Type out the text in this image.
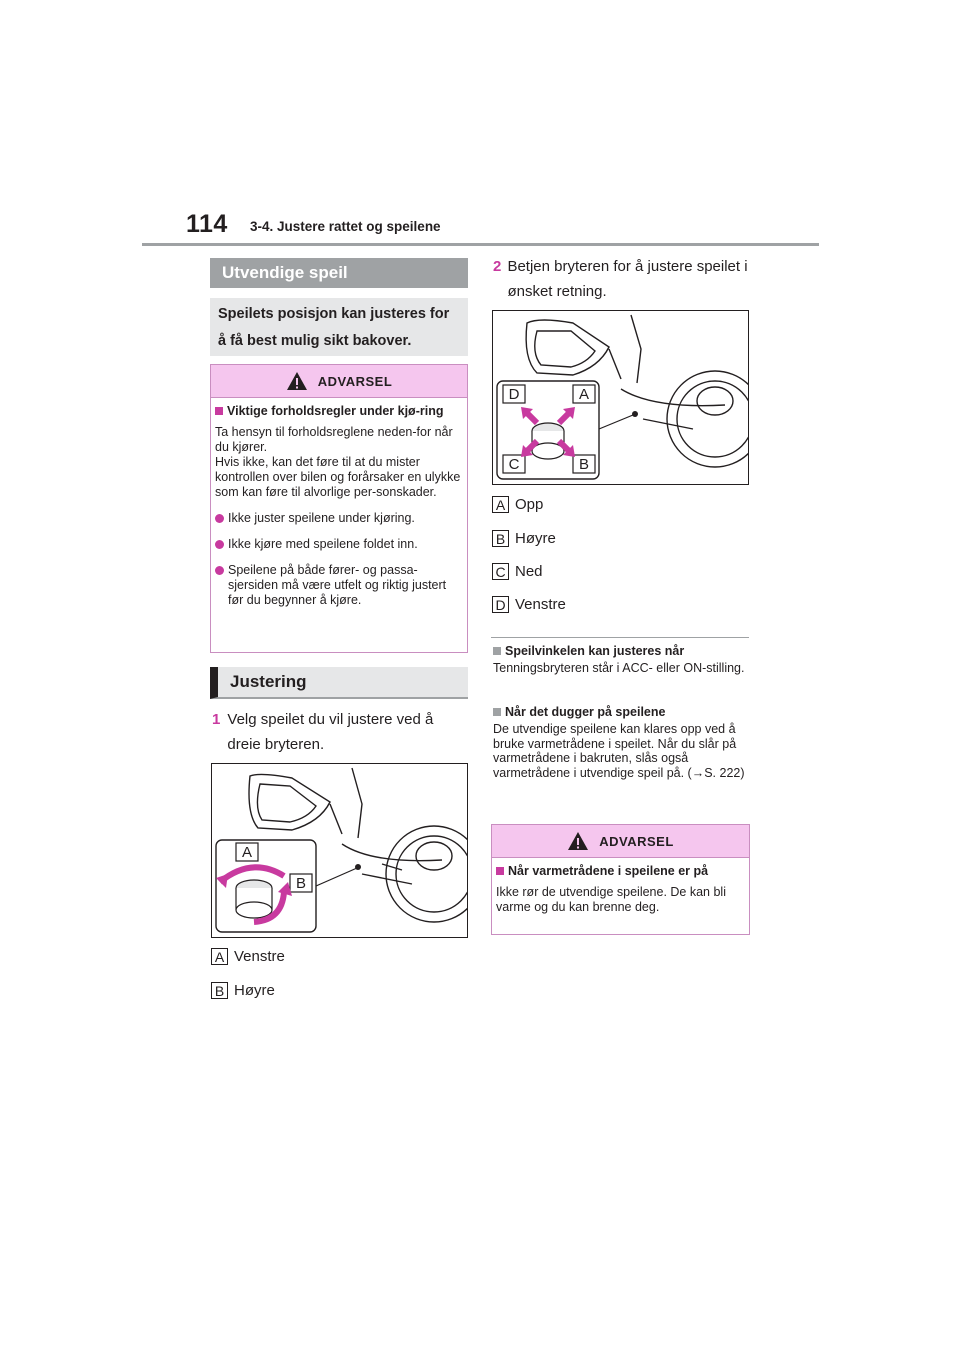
114 3-4. Justere rattet og speilene
Utvendige speil
Speilets posisjon kan justeres for å få best mulig sikt bakover.
ADVARSEL
Viktige forholdsregler under kjø-ring
Ta hensyn til forholdsreglene neden-for når du kjører.
Hvis ikke, kan det føre til at du mister kontrollen over bilen og forårsaker en ulykke som kan føre til alvorlige per-sonskader.
Ikke juster speilene under kjøring.
Ikke kjøre med speilene foldet inn.
Speilene på både fører- og passa-sjersiden må være utfelt og riktig justert før du begynner å kjøre.
Justering
1 Velg speilet du vil justere ved å dreie bryteren.
A
B
A Venstre
B Høyre
2 Betjen bryteren for å justere speilet i ønsket retning.
D	A
C	B
A Opp
B Høyre
C Ned
D Venstre
Speilvinkelen kan justeres når
Tenningsbryteren står i ACC- eller ON-stilling.
Når det dugger på speilene
De utvendige speilene kan klares opp ved å bruke varmetrådene i speilet. Når du slår på varmetrådene i bakruten, slås også varmetrådene i utvendige speil på. (→S. 222)
ADVARSEL
Når varmetrådene i speilene er på
Ikke rør de utvendige speilene. De kan bli varme og du kan brenne deg.
